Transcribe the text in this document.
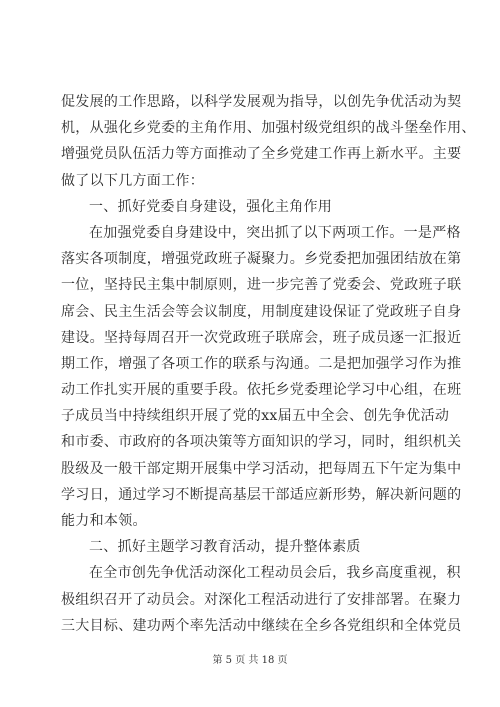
促发展的工作思路，以科学发展观为指导，以创先争优活动为契
机，从强化乡党委的主角作用、加强村级党组织的战斗堡垒作用、
增强党员队伍活力等方面推动了全乡党建工作再上新水平。主要
做了以下几方面工作：
一、抓好党委自身建设，强化主角作用
在加强党委自身建设中，突出抓了以下两项工作。一是严格
落实各项制度，增强党政班子凝聚力。乡党委把加强团结放在第
一位，坚持民主集中制原则，进一步完善了党委会、党政班子联
席会、民主生活会等会议制度，用制度建设保证了党政班子自身
建设。坚持每周召开一次党政班子联席会，班子成员逐一汇报近
期工作，增强了各项工作的联系与沟通。二是把加强学习作为推
动工作扎实开展的重要手段。依托乡党委理论学习中心组，在班
子成员当中持续组织开展了党的xx届五中全会、创先争优活动
和市委、市政府的各项决策等方面知识的学习，同时，组织机关
股级及一般干部定期开展集中学习活动，把每周五下午定为集中
学习日，通过学习不断提高基层干部适应新形势，解决新问题的
能力和本领。
二、抓好主题学习教育活动，提升整体素质
在全市创先争优活动深化工程动员会后，我乡高度重视，积
极组织召开了动员会。对深化工程活动进行了安排部署。在聚力
三大目标、建功两个率先活动中继续在全乡各党组织和全体党员
第 5 页 共 18 页
